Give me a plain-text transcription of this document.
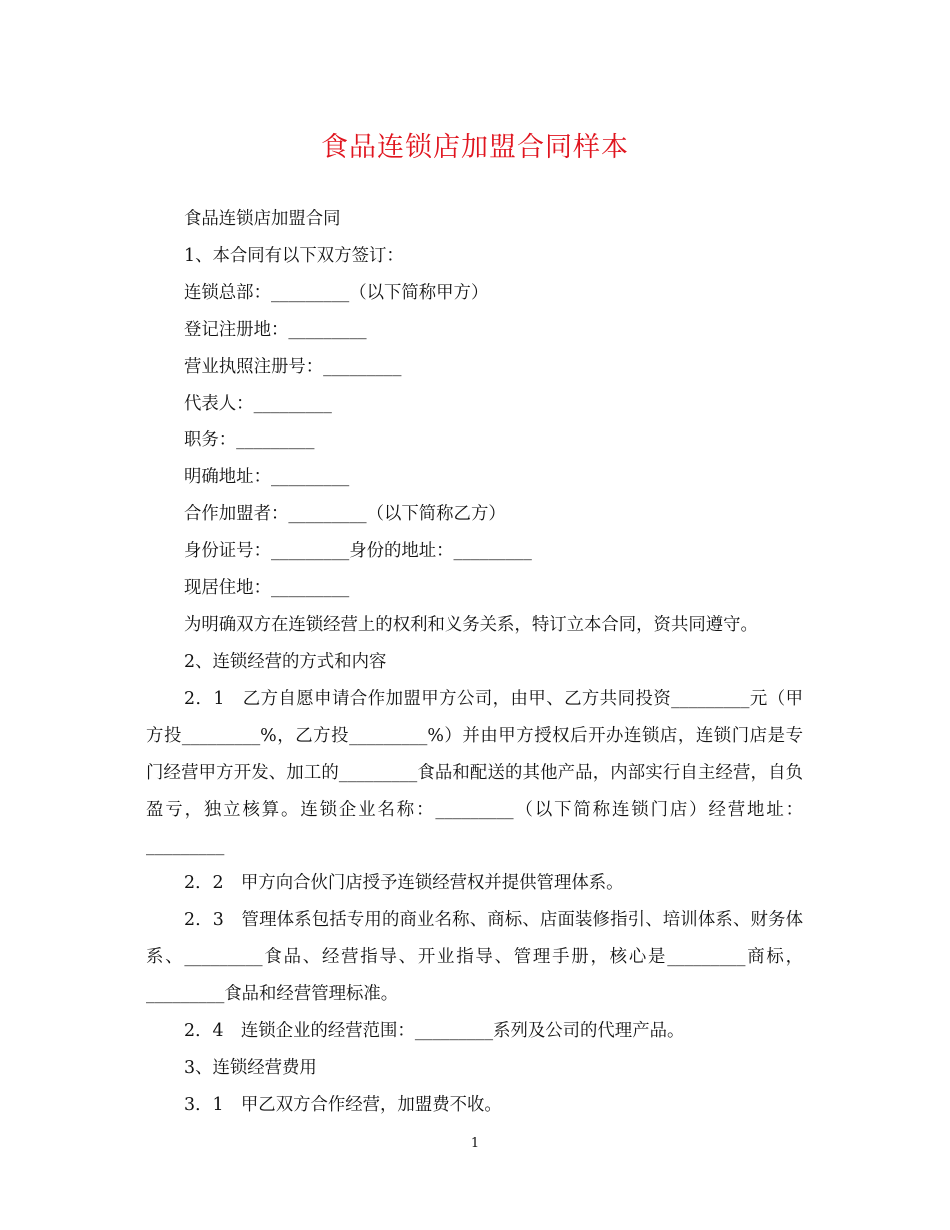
食品连锁店加盟合同样本
食品连锁店加盟合同
1、本合同有以下双方签订：
连锁总部：_________（以下简称甲方）
登记注册地：_________
营业执照注册号：_________
代表人：_________
职务：_________
明确地址：_________
合作加盟者：_________（以下简称乙方）
身份证号：_________身份的地址：_________
现居住地：_________
为明确双方在连锁经营上的权利和义务关系，特订立本合同，资共同遵守。
2、连锁经营的方式和内容
2．1　乙方自愿申请合作加盟甲方公司，由甲、乙方共同投资_________元（甲方投_________%，乙方投_________%）并由甲方授权后开办连锁店，连锁门店是专门经营甲方开发、加工的_________食品和配送的其他产品，内部实行自主经营，自负盈亏，独立核算。连锁企业名称：_________（以下简称连锁门店）经营地址：_________
2．2　甲方向合伙门店授予连锁经营权并提供管理体系。
2．3　管理体系包括专用的商业名称、商标、店面装修指引、培训体系、财务体系、_________食品、经营指导、开业指导、管理手册，核心是_________商标，_________食品和经营管理标准。
2．4　连锁企业的经营范围：_________系列及公司的代理产品。
3、连锁经营费用
3．1　甲乙双方合作经营，加盟费不收。
1
